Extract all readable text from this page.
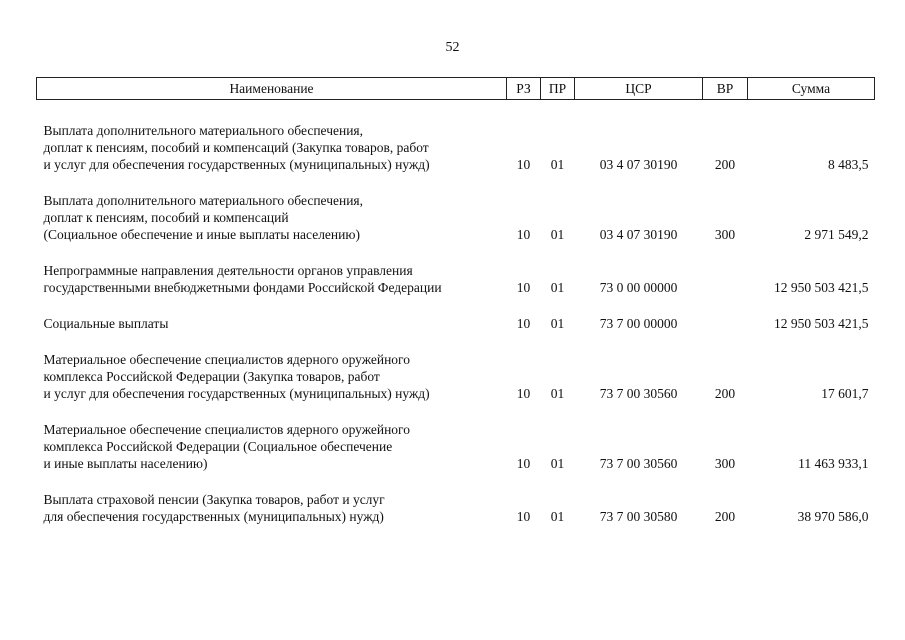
52
Наименование	РЗ	ПР	ЦСР	ВР	Сумма

Выплата дополнительного материального обеспечения,
доплат к пенсиям, пособий и компенсаций (Закупка товаров, работ
и услуг для обеспечения государственных (муниципальных) нужд)	10	01	03 4 07 30190	200	8 483,5

Выплата дополнительного материального обеспечения,
доплат к пенсиям, пособий и компенсаций
(Социальное обеспечение и иные выплаты населению)	10	01	03 4 07 30190	300	2 971 549,2

Непрограммные направления деятельности органов управления
государственными внебюджетными фондами Российской Федерации	10	01	73 0 00 00000		12 950 503 421,5

Социальные выплаты	10	01	73 7 00 00000		12 950 503 421,5

Материальное обеспечение специалистов ядерного оружейного
комплекса Российской Федерации (Закупка товаров, работ
и услуг для обеспечения государственных (муниципальных) нужд)	10	01	73 7 00 30560	200	17 601,7

Материальное обеспечение специалистов ядерного оружейного
комплекса Российской Федерации (Социальное обеспечение
и иные выплаты населению)	10	01	73 7 00 30560	300	11 463 933,1

Выплата страховой пенсии (Закупка товаров, работ и услуг
для обеспечения государственных (муниципальных) нужд)	10	01	73 7 00 30580	200	38 970 586,0
